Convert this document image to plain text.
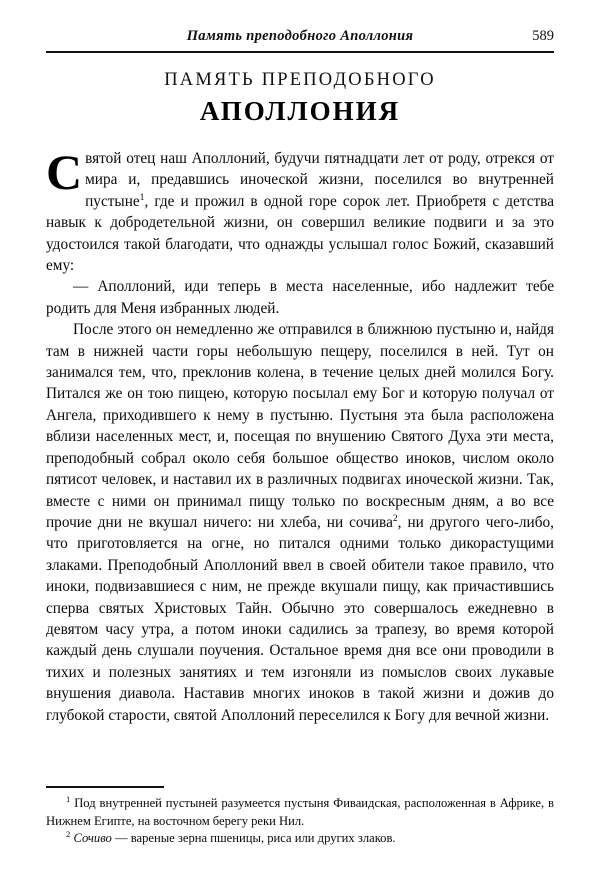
Память преподобного Аполлония	589
ПАМЯТЬ ПРЕПОДОБНОГО
АПОЛЛОНИЯ

Святой отец наш Аполлоний, будучи пятнадцати лет от роду, отрекся от мира и, предавшись иноческой жизни, поселился во внутренней пустыне$^1$, где и прожил в одной горе сорок лет. Приобретя с детства навык к добродетельной жизни, он совершил великие подвиги и за это удостоился такой благодати, что однажды услышал голос Божий, сказавший ему:

— Аполлоний, иди теперь в места населенные, ибо надлежит тебе родить для Меня избранных людей.

После этого он немедленно же отправился в ближнюю пустыню и, найдя там в нижней части горы небольшую пещеру, поселился в ней. Тут он занимался тем, что, преклонив колена, в течение целых дней молился Богу. Питался же он тою пищею, которую посылал ему Бог и которую получал от Ангела, приходившего к нему в пустыню. Пустыня эта была расположена вблизи населенных мест, и, посещая по внушению Святого Духа эти места, преподобный собрал около себя большое общество иноков, числом около пятисот человек, и наставил их в различных подвигах иноческой жизни. Так, вместе с ними он принимал пищу только по воскресным дням, а во все прочие дни не вкушал ничего: ни хлеба, ни сочива$^2$, ни другого чего-либо, что приготовляется на огне, но питался одними только дикорастущими злаками. Преподобный Аполлоний ввел в своей обители такое правило, что иноки, подвизавшиеся с ним, не прежде вкушали пищу, как причастившись сперва святых Христовых Тайн. Обычно это совершалось ежедневно в девятом часу утра, а потом иноки садились за трапезу, во время которой каждый день слушали поучения. Остальное время дня все они проводили в тихих и полезных занятиях и тем изгоняли из помыслов своих лукавые внушения диавола. Наставив многих иноков в такой жизни и дожив до глубокой старости, святой Аполлоний переселился к Богу для вечной жизни.

$^1$ Под внутренней пустыней разумеется пустыня Фиваидская, расположенная в Африке, в Нижнем Египте, на восточном берегу реки Нил.

$^2$ Сочиво — вареные зерна пшеницы, риса или других злаков.
